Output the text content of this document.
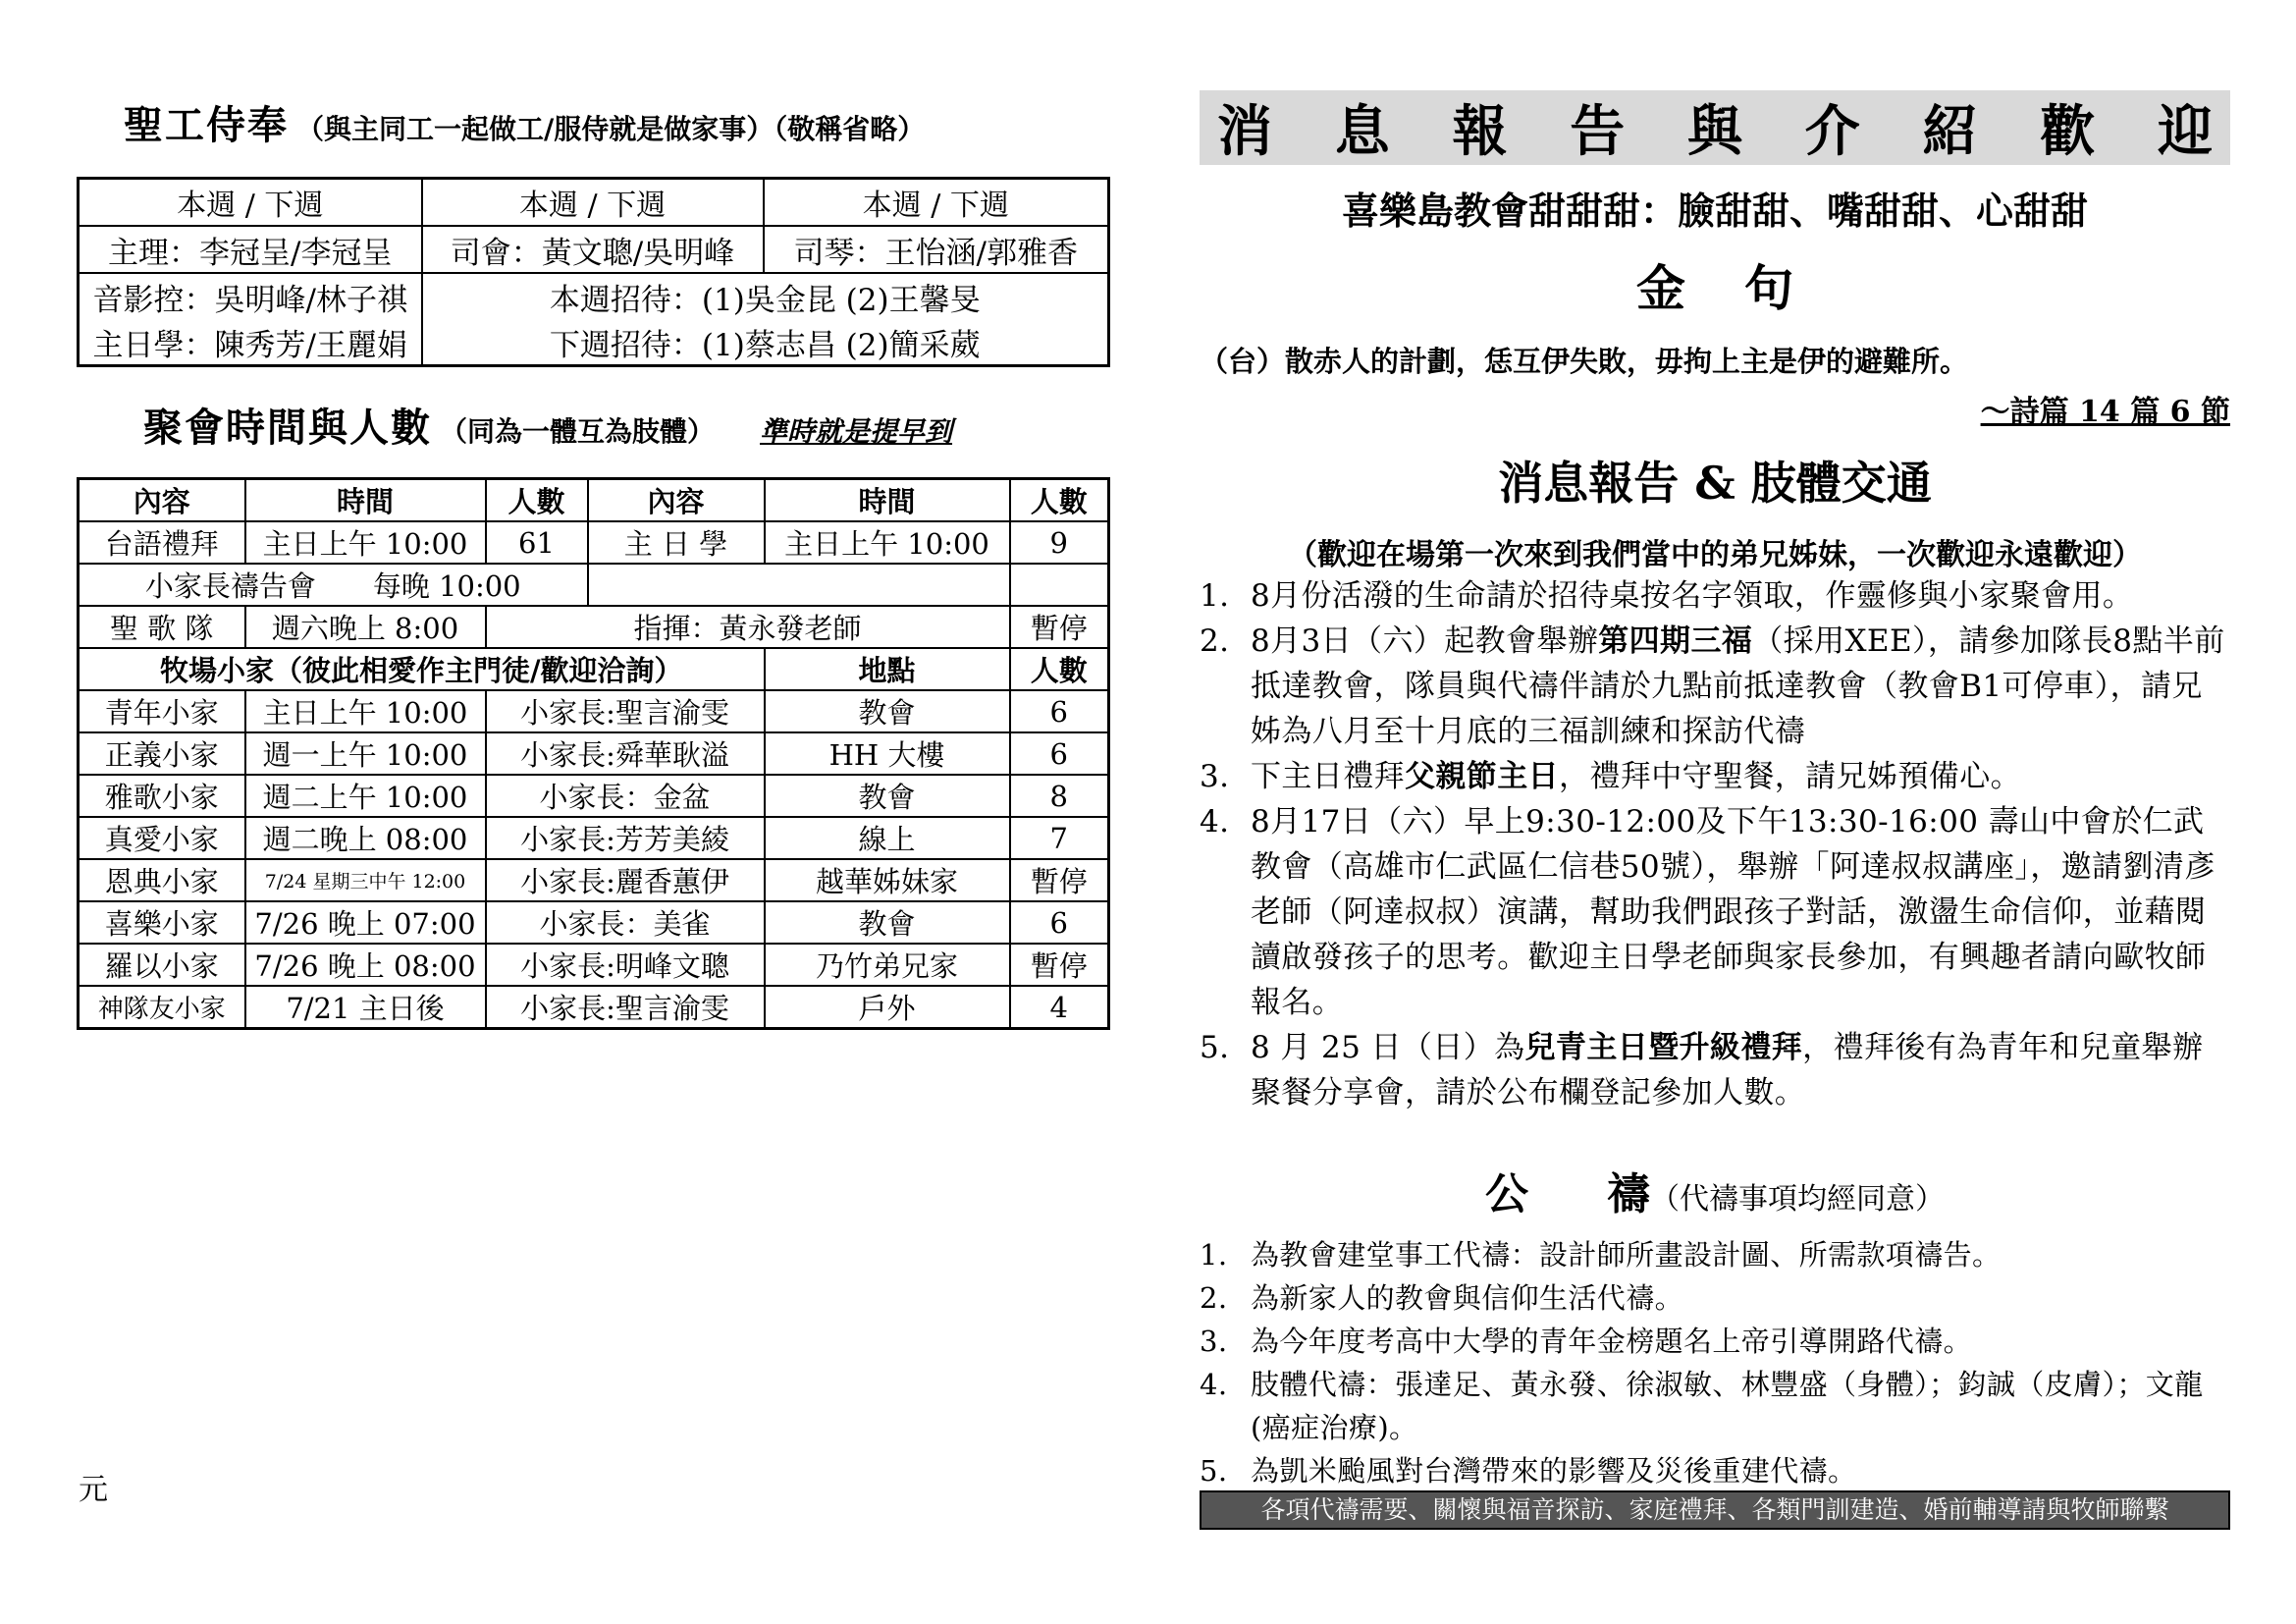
聖工侍奉 （與主同工一起做工/服侍就是做家事）（敬稱省略）
本週 / 下週	本週 / 下週	本週 / 下週
主理：李冠呈/李冠呈	司會：黃文聰/吳明峰	司琴：王怡涵/郭雅香
音影控：吳明峰/林子祺	本週招待：(1)吳金昆 (2)王馨旻	
主日學：陳秀芳/王麗娟	下週招待：(1)蔡志昌 (2)簡采葳	
聚會時間與人數 （同為一體互為肢體） 準時就是提早到
內容	時間	人數	內容	時間	人數
台語禮拜	主日上午 10:00	61	主 日 學	主日上午 10:00	9
小家長禱告會　　每晚 10:00					
聖 歌 隊	週六晚上 8:00	指揮：黃永發老師			暫停
牧場小家（彼此相愛作主門徒/歡迎洽詢）				地點	人數
青年小家	主日上午 10:00	小家長:聖言渝雯		教會	6
正義小家	週一上午 10:00	小家長:舜華耿溢		HH 大樓	6
雅歌小家	週二上午 10:00	小家長：金盆		教會	8
真愛小家	週二晚上 08:00	小家長:芳芳美綾		線上	7
恩典小家	7/24 星期三中午 12:00	小家長:麗香蕙伊		越華姊妹家	暫停
喜樂小家	7/26 晚上 07:00	小家長：美雀		教會	6
羅以小家	7/26 晚上 08:00	小家長:明峰文聰		乃竹弟兄家	暫停
神隊友小家	7/21 主日後	小家長:聖言渝雯		戶外	4
元
消 息 報 告 與 介 紹 歡 迎
喜樂島教會甜甜甜：臉甜甜、嘴甜甜、心甜甜
金句
（台）散赤人的計劃，恁互伊失敗，毋拘上主是伊的避難所。
～詩篇 14 篇 6 節
消息報告 & 肢體交通
（歡迎在場第一次來到我們當中的弟兄姊妹，一次歡迎永遠歡迎）
1. 8月份活潑的生命請於招待桌按名字領取，作靈修與小家聚會用。
2. 8月3日（六）起教會舉辦第四期三福（採用XEE），請參加隊長8點半前抵達教會，隊員與代禱伴請於九點前抵達教會（教會B1可停車），請兄姊為八月至十月底的三福訓練和探訪代禱
3. 下主日禮拜父親節主日，禮拜中守聖餐，請兄姊預備心。
4. 8月17日（六）早上9:30-12:00及下午13:30-16:00 壽山中會於仁武教會（高雄市仁武區仁信巷50號），舉辦「阿達叔叔講座」，邀請劉清彥老師（阿達叔叔）演講，幫助我們跟孩子對話，激盪生命信仰，並藉閱讀啟發孩子的思考。歡迎主日學老師與家長參加，有興趣者請向歐牧師報名。
5. 8 月 25 日（日）為兒青主日暨升級禮拜，禮拜後有為青年和兒童舉辦聚餐分享會，請於公布欄登記參加人數。
公 禱（代禱事項均經同意）
1. 為教會建堂事工代禱：設計師所畫設計圖、所需款項禱告。
2. 為新家人的教會與信仰生活代禱。
3. 為今年度考高中大學的青年金榜題名上帝引導開路代禱。
4. 肢體代禱：張達足、黃永發、徐淑敏、林豐盛（身體）；鈞誠（皮膚）；文龍(癌症治療)。
5. 為凱米颱風對台灣帶來的影響及災後重建代禱。
各項代禱需要、關懷與福音探訪、家庭禮拜、各類門訓建造、婚前輔導請與牧師聯繫
